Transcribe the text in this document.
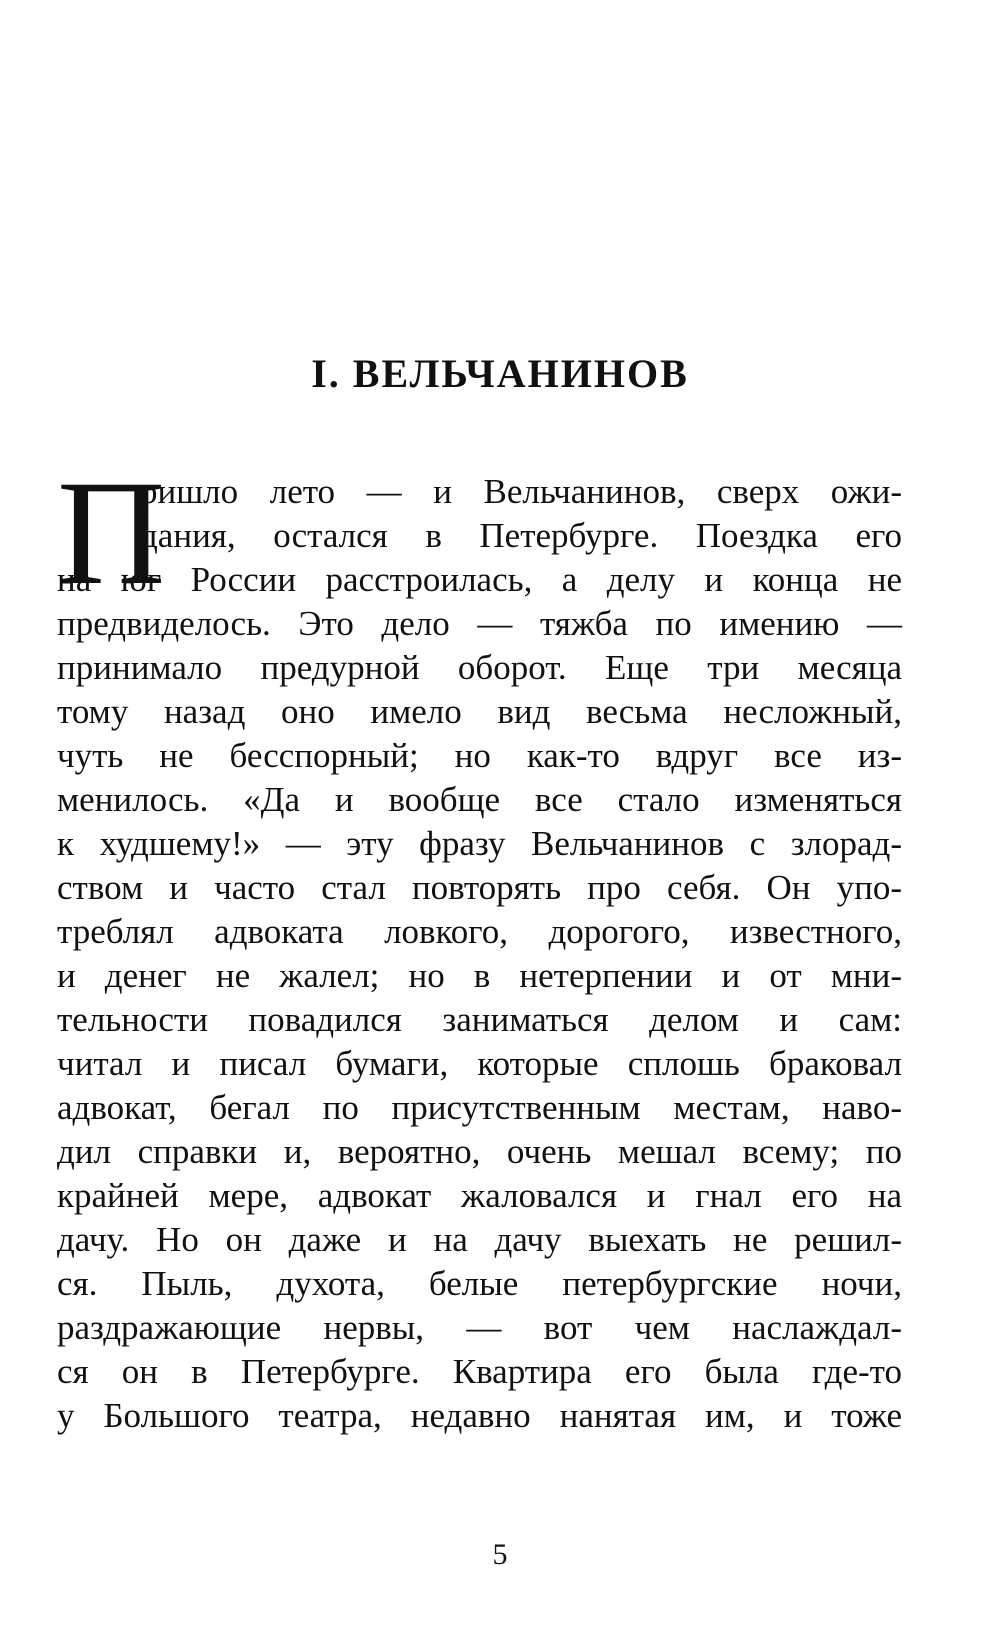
I. ВЕЛЬЧАНИНОВ
П
ришло лето — и Вельчанинов, сверх ожи-
дания, остался в Петербурге. Поездка его
на юг России расстроилась, а делу и конца не
предвиделось. Это дело — тяжба по имению —
принимало предурной оборот. Еще три месяца
тому назад оно имело вид весьма несложный,
чуть не бесспорный; но как-то вдруг все из-
менилось. «Да и вообще все стало изменяться
к худшему!» — эту фразу Вельчанинов с злорад-
ством и часто стал повторять про себя. Он упо-
треблял адвоката ловкого, дорогого, известного,
и денег не жалел; но в нетерпении и от мни-
тельности повадился заниматься делом и сам:
читал и писал бумаги, которые сплошь браковал
адвокат, бегал по присутственным местам, наво-
дил справки и, вероятно, очень мешал всему; по
крайней мере, адвокат жаловался и гнал его на
дачу. Но он даже и на дачу выехать не решил-
ся. Пыль, духота, белые петербургские ночи,
раздражающие нервы, — вот чем наслаждал-
ся он в Петербурге. Квартира его была где-то
у Большого театра, недавно нанятая им, и тоже
5
